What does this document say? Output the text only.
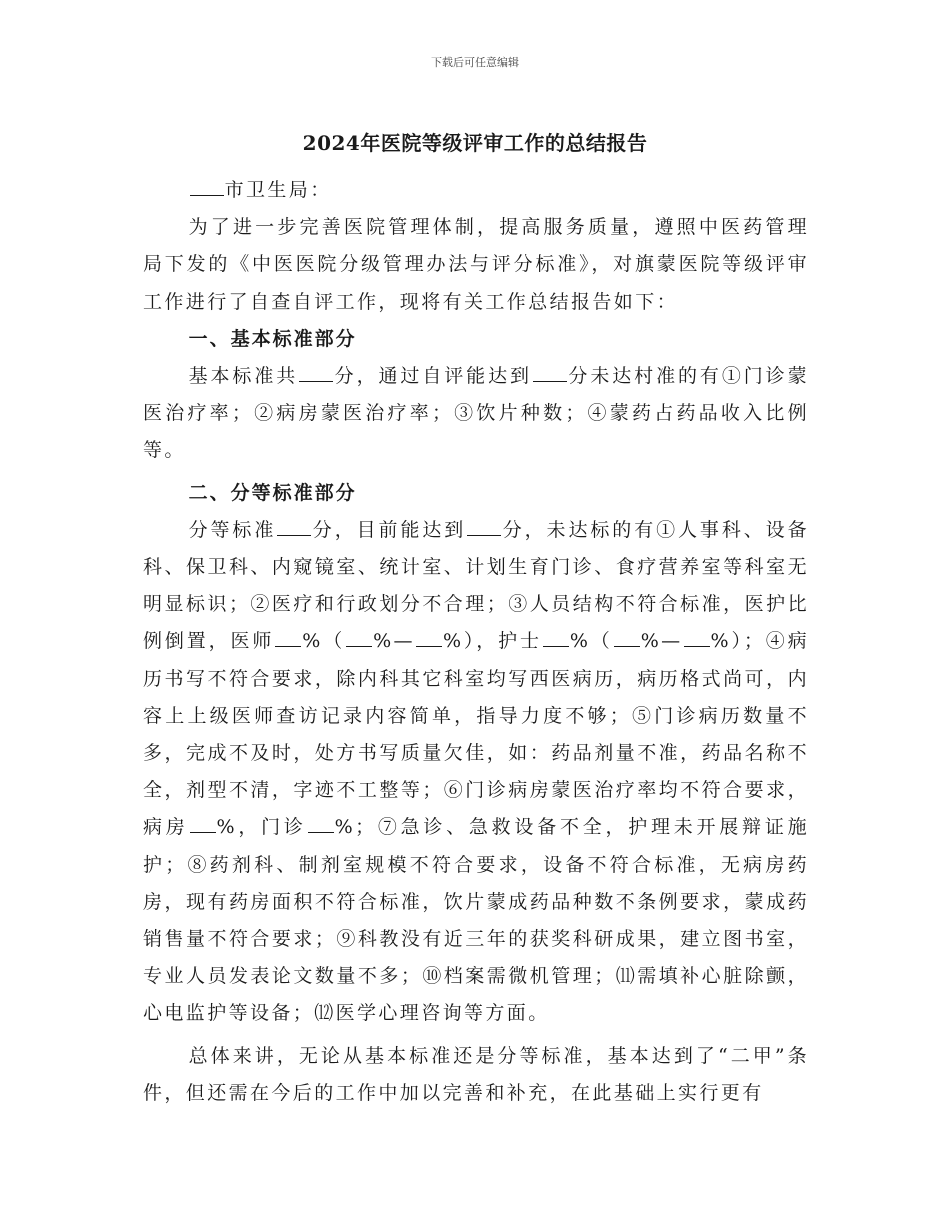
下载后可任意编辑
2024年医院等级评审工作的总结报告

市卫生局：

为了进一步完善医院管理体制，提高服务质量，遵照中医药管理局下发的《中医医院分级管理办法与评分标准》，对旗蒙医院等级评审工作进行了自查自评工作，现将有关工作总结报告如下：

一、基本标准部分

基本标准共 分，通过自评能达到 分未达村准的有①门诊蒙医治疗率；②病房蒙医治疗率；③饮片种数；④蒙药占药品收入比例等。

二、分等标准部分

分等标准 分，目前能达到 分，未达标的有①人事科、设备科、保卫科、内窥镜室、统计室、计划生育门诊、食疗营养室等科室无明显标识；②医疗和行政划分不合理；③人员结构不符合标准，医护比例倒置，医师 %（ %— %），护士 %（ %— %）；④病历书写不符合要求，除内科其它科室均写西医病历，病历格式尚可，内容上上级医师查访记录内容简单，指导力度不够；⑤门诊病历数量不多，完成不及时，处方书写质量欠佳，如：药品剂量不准，药品名称不全，剂型不清，字迹不工整等；⑥门诊病房蒙医治疗率均不符合要求，病房 %，门诊 %；⑦急诊、急救设备不全，护理未开展辩证施护；⑧药剂科、制剂室规模不符合要求，设备不符合标准，无病房药房，现有药房面积不符合标准，饮片蒙成药品种数不条例要求，蒙成药销售量不符合要求；⑨科教没有近三年的获奖科研成果，建立图书室，专业人员发表论文数量不多；⑩档案需微机管理；⑾需填补心脏除颤，心电监护等设备；⑿医学心理咨询等方面。

总体来讲，无论从基本标准还是分等标准，基本达到了“二甲”条件，但还需在今后的工作中加以完善和补充，在此基础上实行更有
